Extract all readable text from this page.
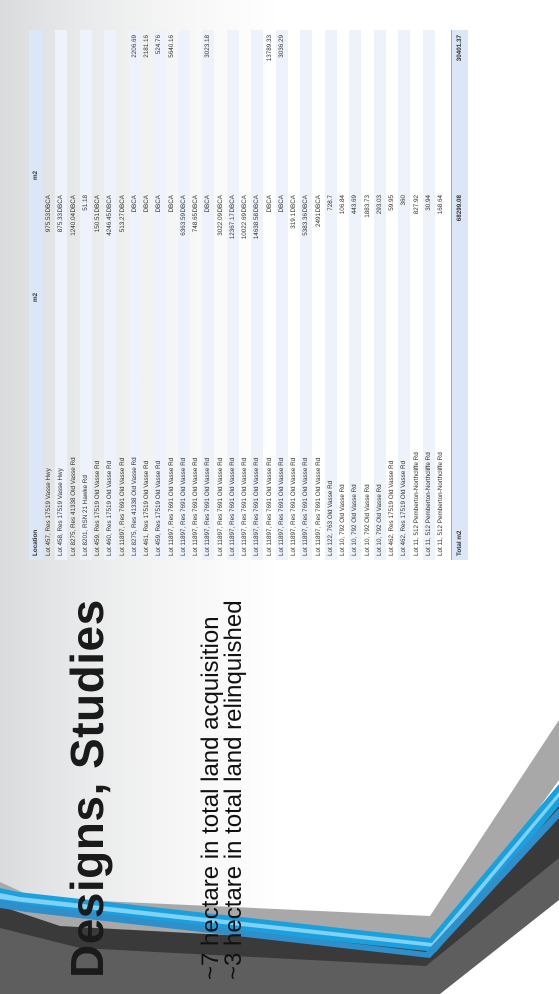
Designs, Studies	~7 hectare in total land acquisition
~3 hectare in total land relinquished
Location
m2
m2
Lot 457, Res 17519 Vasse Hwy
975.53
DBCA
Lot 458, Res 17519 Vasse Hwy
875.33
DBCA
Lot 8275, Res 41338 Old Vasse Rd
1240.04
DBCA
Lot 8201, RSN 21 Hawke Rd
51.18
Lot 459, Res 17519 Old Vasse Rd
150.51
DBCA
Lot 460, Res 17519 Old Vasse Rd
4246.45
DBCA
Lot 11897, Res 7691 Old Vasse Rd
513.27
DBCA
Lot 8275, Res 41338 Old Vasse Rd
DBCA
2206.69
Lot 461, Res 17519 Old Vasse Rd
DBCA
2181.16
Lot 459, Res 17519 Old Vasse Rd
DBCA
524.76
Lot 11897, Res 7691 Old Vasse Rd
DBCA
5640.16
Lot 11897, Res 7691 Old Vasse Rd
6363.59
DBCA
Lot 11897, Res 7691 Old Vasse Rd
748.65
DBCA
Lot 11897, Res 7691 Old Vasse Rd
DBCA
3023.18
Lot 11897, Res 7691 Old Vasse Rd
3022.09
DBCA
Lot 11897, Res 7691 Old Vasse Rd
12367.17
DBCA
Lot 11897, Res 7691 Old Vasse Rd
10022.69
DBCA
Lot 11897, Res 7691 Old Vasse Rd
14638.58
DBCA
Lot 11897, Res 7691 Old Vasse Rd
DBCA
13789.33
Lot 11897, Res 7691 Old Vasse Rd
DBCA
3036.29
Lot 11897, Res 7691 Old Vasse Rd
319.1
DBCA
Lot 11897, Res 7691 Old Vasse Rd
5383.36
DBCA
Lot 11897, Res 7691 Old Vasse Rd
2491
DBCA
Lot 122, 763 Old Vasse Rd
728.7
Lot 10, 792 Old Vasse Rd
106.84
Lot 10, 792 Old Vasse Rd
443.69
Lot 10, 792 Old Vasse Rd
1883.73
Lot 10, 792 Old Vasse Rd
293.03
Lot 462, Res 17519 Old Vasse Rd
59.95
Lot 462, Res 17519 Old Vasse Rd
360
Lot 11, 512 Pemberton-Northcliffe Rd
827.92
Lot 11, 512 Pemberton-Northcliffe Rd
30.94
Lot 11, 512 Pemberton-Northcliffe Rd
168.64
Total m2
68299.08
30401.37
